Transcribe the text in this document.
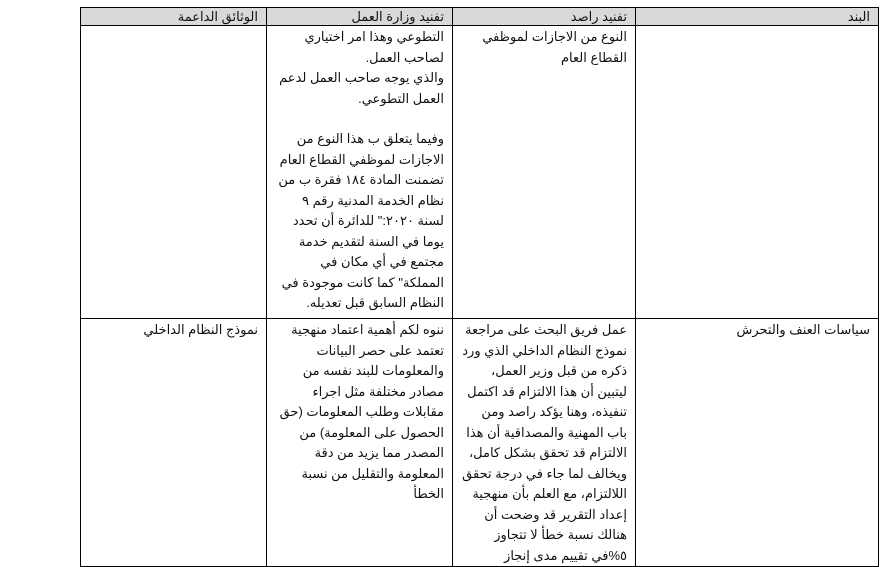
البند	تفنيد راصد	تفنيد وزارة العمل	الوثائق الداعمة
	النوع من الاجازات لموظفي القطاع العام	التطوعي وهذا امر اختياري لصاحب العمل.
والذي يوجه صاحب العمل لدعم العمل التطوعي.
وفيما يتعلق ب هذا النوع من الاجازات لموظفي القطاع العام تضمنت المادة ١٨٤ فقرة ب من نظام الخدمة المدنية رقم ٩ لسنة ٢٠٢٠:" للدائرة أن تحدد يوما في السنة لتقديم خدمة مجتمع في أي مكان في المملكة" كما كانت موجودة في النظام السابق قبل تعديله.	

سياسات العنف والتحرش	عمل فريق البحث على مراجعة نموذج النظام الداخلي الذي ورد ذكره من قبل وزير العمل، ليتبين أن هذا الالتزام قد اكتمل تنفيذه، وهنا يؤكد راصد ومن باب المهنية والمصداقية أن هذا الالتزام قد تحقق بشكل كامل، ويخالف لما جاء في درجة تحقق اللالتزام، مع العلم بأن منهجية إعداد التقرير قد وضحت أن هنالك نسبة خطأ لا تتجاوز ٥%في تقييم مدى إنجاز	ننوه لكم أهمية اعتماد منهجية تعتمد على حصر البيانات والمعلومات للبند نفسه من مصادر مختلفة مثل اجراء مقابلات وطلب المعلومات (حق الحصول على المعلومة) من المصدر مما يزيد من دقة المعلومة والتقليل من نسبة الخطأ	نموذج النظام الداخلي
